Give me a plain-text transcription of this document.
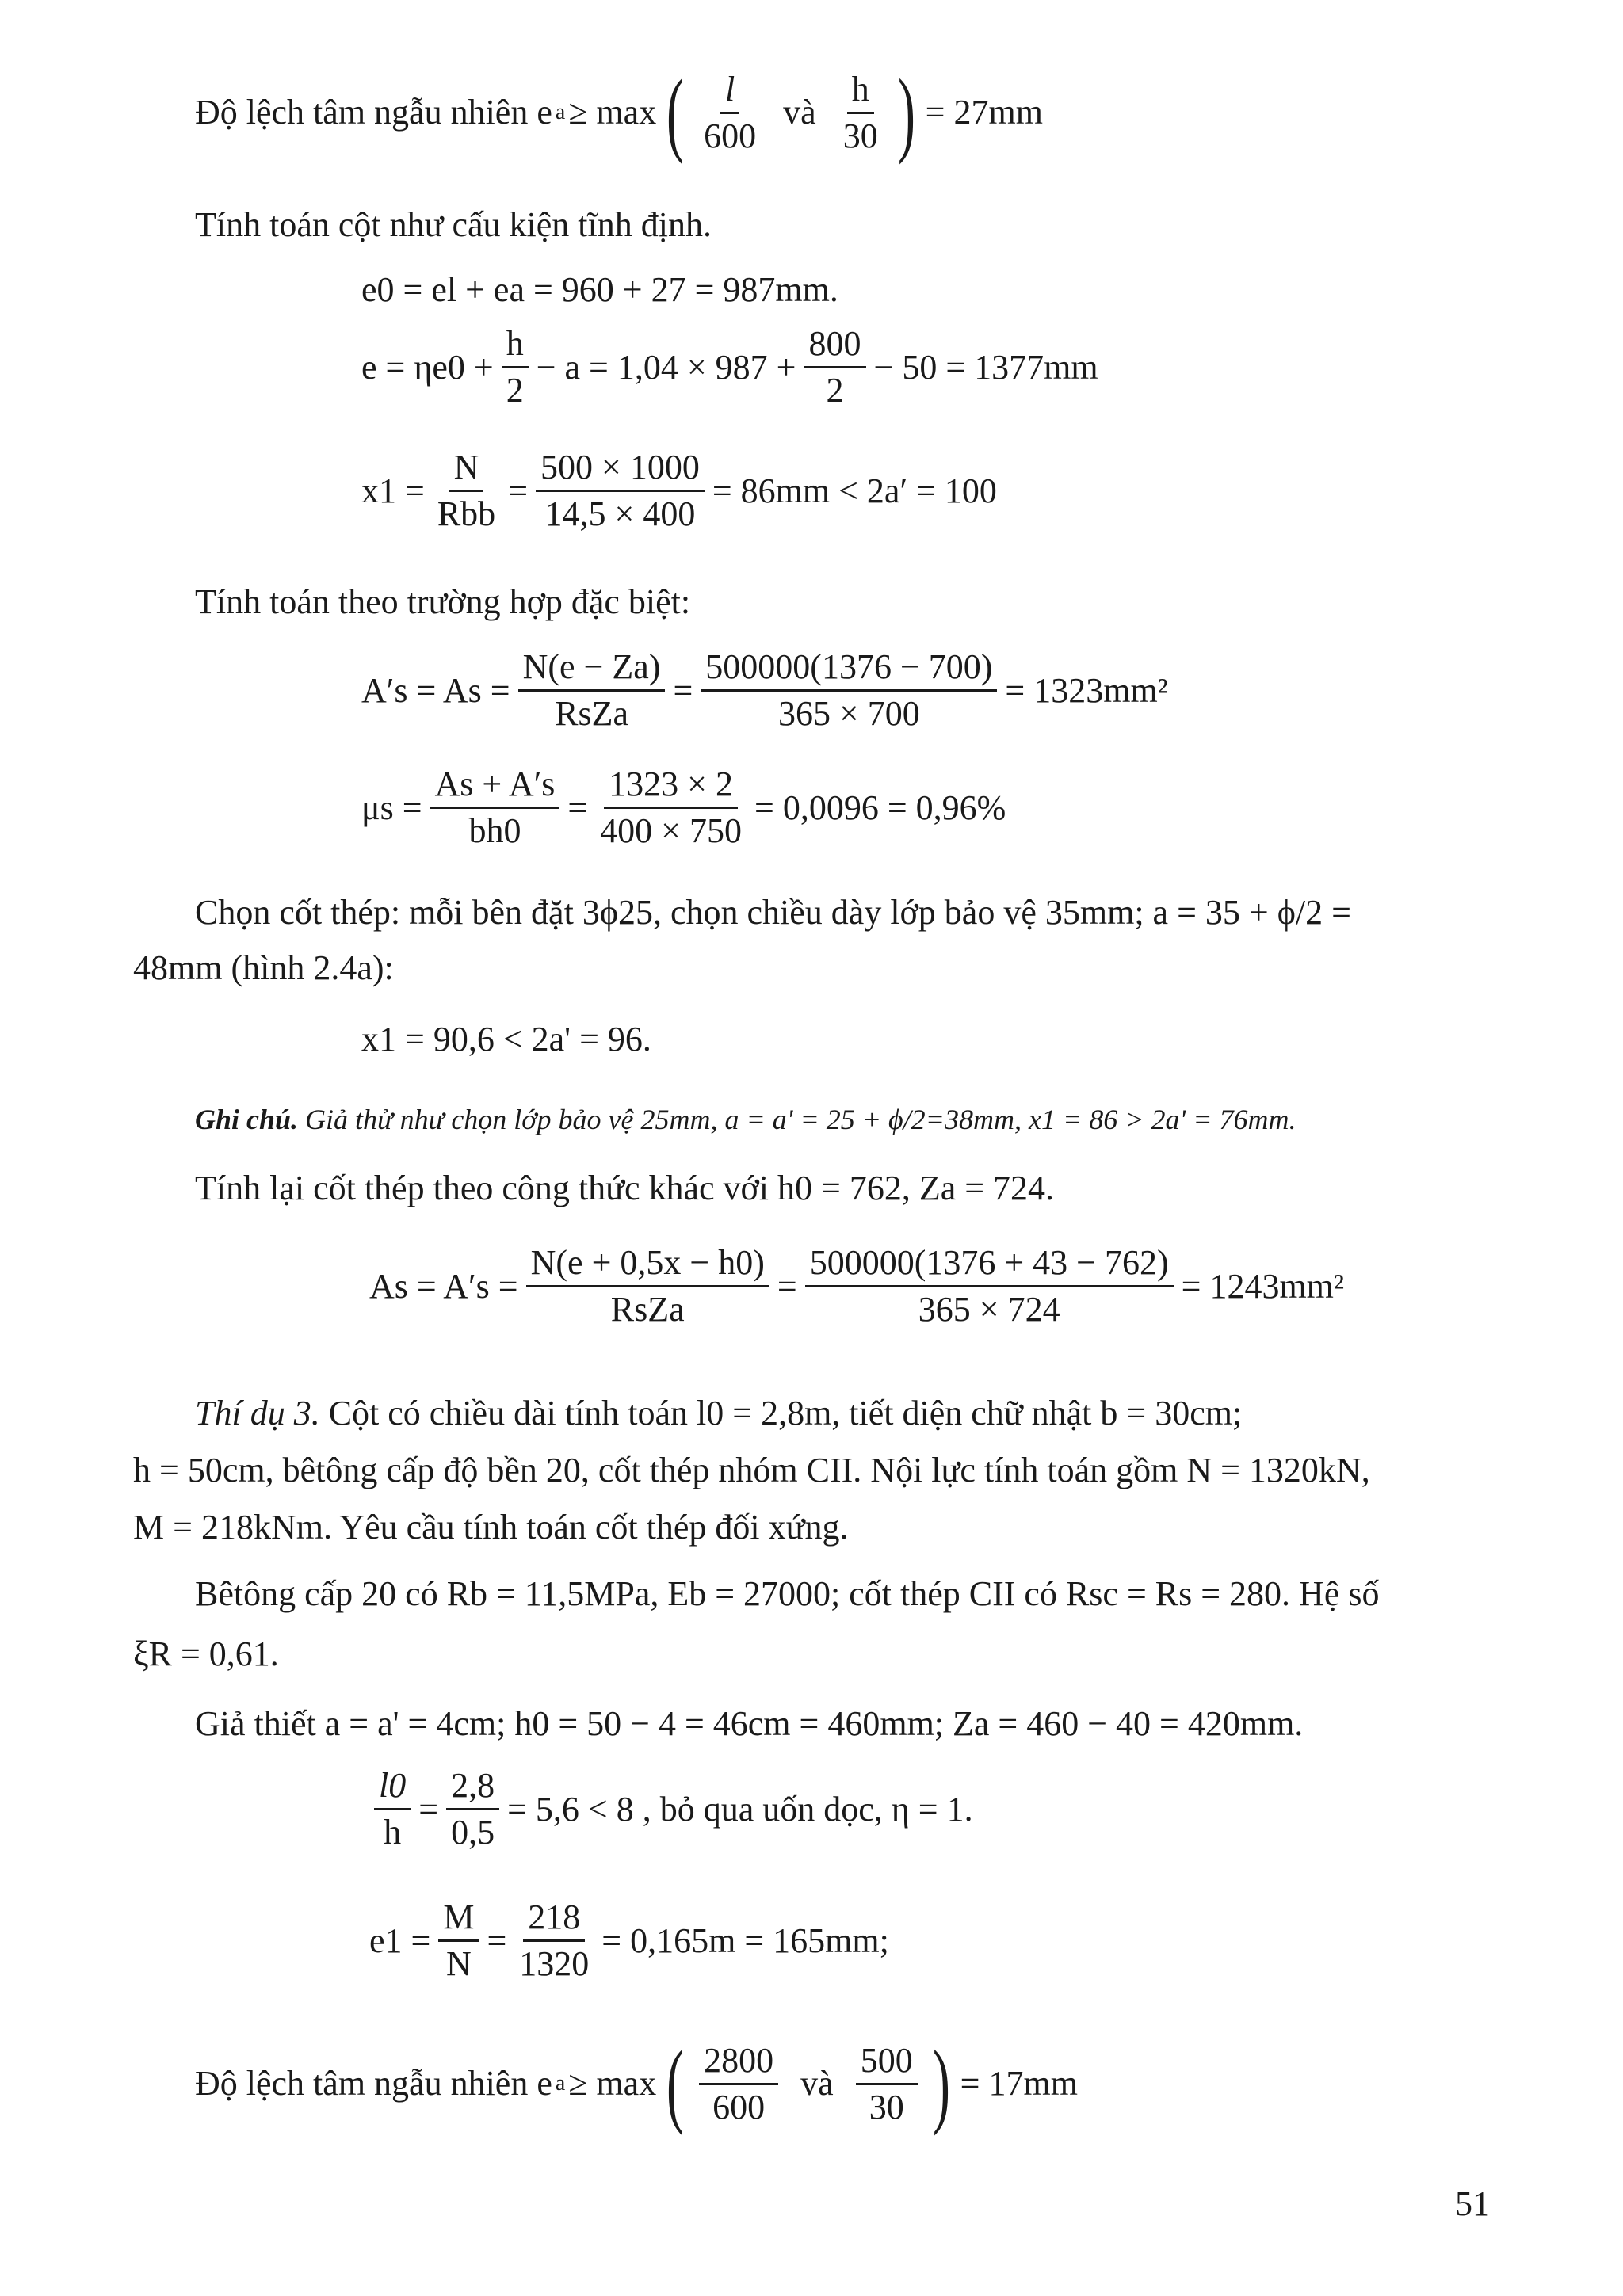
Độ lệch tâm ngẫu nhiên e a ≥ max ( $\frac{l}{600}$ và $\frac{h}{30}$ ) = 27mm
Tính toán cột như cấu kiện tĩnh định.
e0 = el + ea = 960 + 27 = 987mm.
$e = \eta e0 + \frac{h}{2} - a = 1,04 \times 987 + \frac{800}{2} - 50 = 1377mm$
$x1 = \frac{N}{\text{Rbb}} = \frac{500 \times 1000}{14,5 \times 400} = 86mm < 2a' = 100$
Tính toán theo trường hợp đặc biệt:
$A's = As = \frac{N(e - Za)}{\text{RsZa}} = \frac{500000(1376 - 700)}{365 \times 700} = 1323mm^2$
$\mu s = \frac{As + A's}{bh0} = \frac{1323 \times 2}{400 \times 750} = 0,0096 = 0,96\%$
Chọn cốt thép: mỗi bên đặt 3ϕ25, chọn chiều dày lớp bảo vệ 35mm; a = 35 + ϕ/2 =
48mm (hình 2.4a):
x1 = 90,6 < 2a' = 96.
Ghi chú. Giả thử như chọn lớp bảo vệ 25mm, a = a' = 25 + ϕ/2=38mm, x1 = 86 > 2a' = 76mm.
Tính lại cốt thép theo công thức khác với h0 = 762, Za = 724.
$As = A's = \frac{N(e + 0,5x - h0)}{\text{RsZa}} = \frac{500000(1376 + 43 - 762)}{365 \times 724} = 1243mm^2$
Thí dụ 3. Cột có chiều dài tính toán l0 = 2,8m, tiết diện chữ nhật b = 30cm;
h = 50cm, bêtông cấp độ bền 20, cốt thép nhóm CII. Nội lực tính toán gồm N = 1320kN,
M = 218kNm. Yêu cầu tính toán cốt thép đối xứng.
Bêtông cấp 20 có Rb = 11,5MPa, Eb = 27000; cốt thép CII có Rsc = Rs = 280. Hệ số
ξR = 0,61.
Giả thiết a = a' = 4cm; h0 = 50 − 4 = 46cm = 460mm; Za = 460 − 40 = 420mm.
$\frac{l0}{h} = \frac{2,8}{0,5} = 5,6 < 8$ , bỏ qua uốn dọc, η = 1.
$e1 = \frac{M}{N} = \frac{218}{1320} = 0,165m = 165mm$;
Độ lệch tâm ngẫu nhiên e a ≥ max ( $\frac{2800}{600}$ và $\frac{500}{30}$ ) = 17mm
51
